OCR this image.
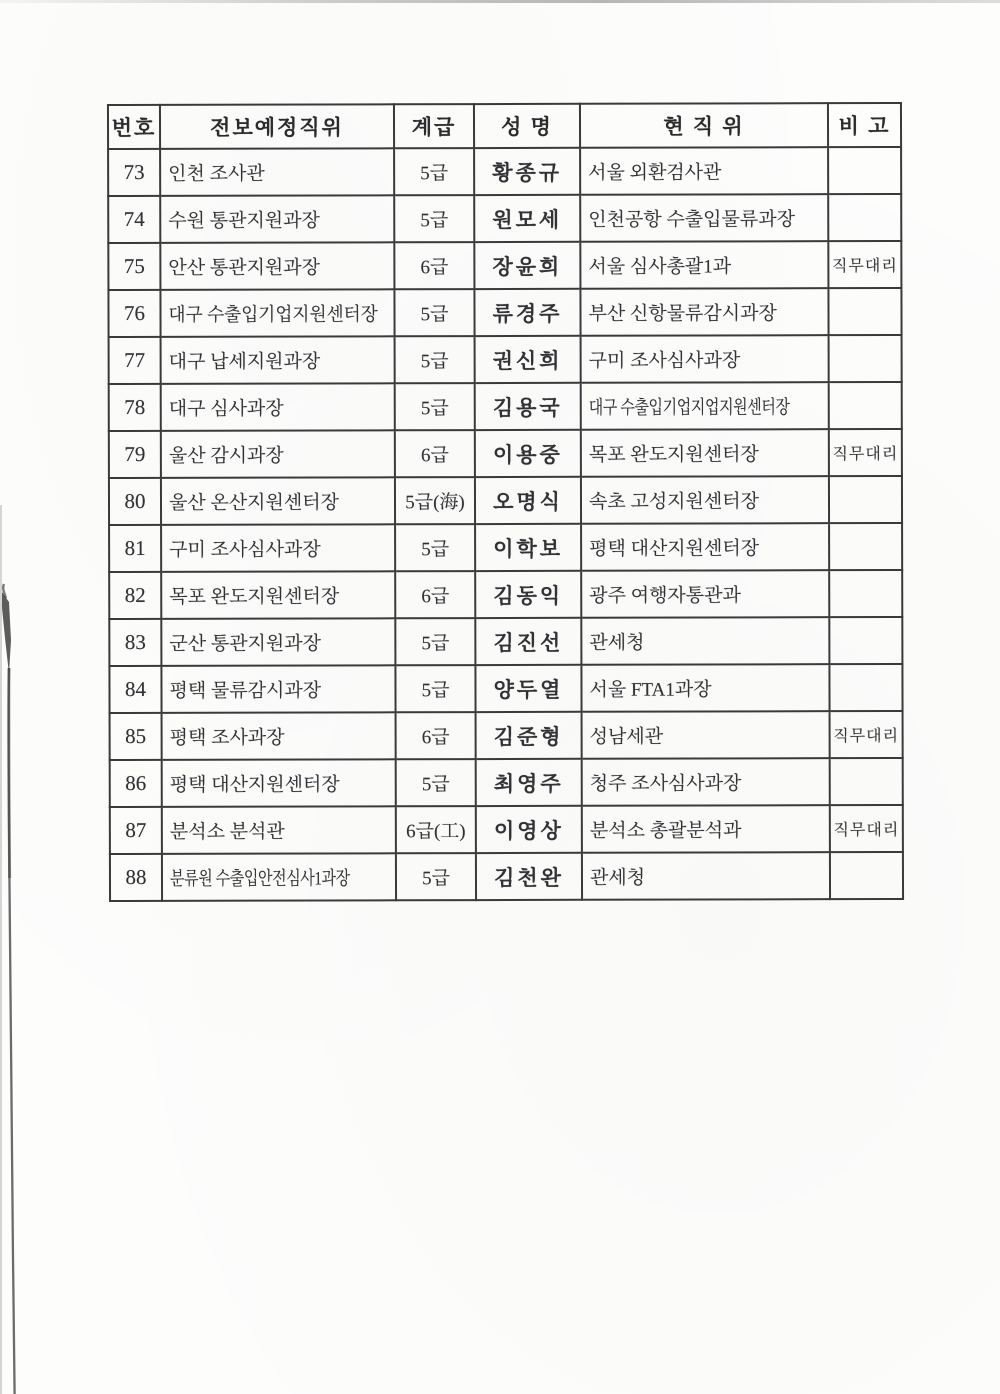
번호	전보예정직위	계급	성 명	현 직 위	비 고
73	인천 조사관	5급	황종규	서울 외환검사관	
74	수원 통관지원과장	5급	원모세	인천공항 수출입물류과장	
75	안산 통관지원과장	6급	장윤희	서울 심사총괄1과	직무대리
76	대구 수출입기업지원센터장	5급	류경주	부산 신항물류감시과장	
77	대구 납세지원과장	5급	권신희	구미 조사심사과장	
78	대구 심사과장	5급	김용국	대구 수출입기업지업지원센터장	
79	울산 감시과장	6급	이용중	목포 완도지원센터장	직무대리
80	울산 온산지원센터장	5급(海)	오명식	속초 고성지원센터장	
81	구미 조사심사과장	5급	이학보	평택 대산지원센터장	
82	목포 완도지원센터장	6급	김동익	광주 여행자통관과	
83	군산 통관지원과장	5급	김진선	관세청	
84	평택 물류감시과장	5급	양두열	서울 FTA1과장	
85	평택 조사과장	6급	김준형	성남세관	직무대리
86	평택 대산지원센터장	5급	최영주	청주 조사심사과장	
87	분석소 분석관	6급(工)	이영상	분석소 총괄분석과	직무대리
88	분류원 수출입안전심사1과장	5급	김천완	관세청	
